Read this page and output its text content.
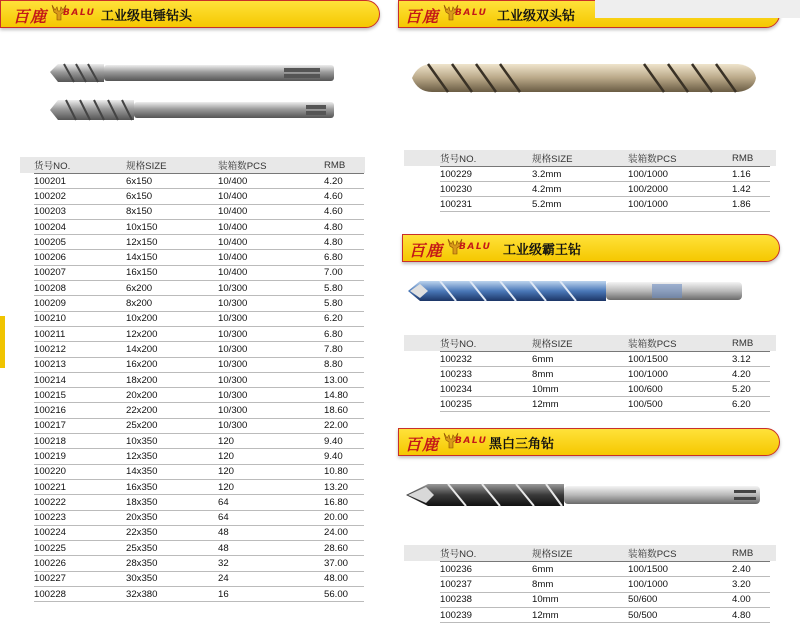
百鹿 BALU 工业级电锤钻头
货号NO.	规格SIZE	装箱数PCS	RMB
100201	6x150	10/400	4.20
100202	6x150	10/400	4.60
100203	8x150	10/400	4.60
100204	10x150	10/400	4.80
100205	12x150	10/400	4.80
100206	14x150	10/400	6.80
100207	16x150	10/400	7.00
100208	6x200	10/300	5.80
100209	8x200	10/300	5.80
100210	10x200	10/300	6.20
100211	12x200	10/300	6.80
100212	14x200	10/300	7.80
100213	16x200	10/300	8.80
100214	18x200	10/300	13.00
100215	20x200	10/300	14.80
100216	22x200	10/300	18.60
100217	25x200	10/300	22.00
100218	10x350	120	9.40
100219	12x350	120	9.40
100220	14x350	120	10.80
100221	16x350	120	13.20
100222	18x350	64	16.80
100223	20x350	64	20.00
100224	22x350	48	24.00
100225	25x350	48	28.60
100226	28x350	32	37.00
100227	30x350	24	48.00
100228	32x380	16	56.00
百鹿 BALU 工业级双头钻
货号NO.	规格SIZE	装箱数PCS	RMB
100229	3.2mm	100/1000	1.16
100230	4.2mm	100/2000	1.42
100231	5.2mm	100/1000	1.86
百鹿 BALU 工业级霸王钻
货号NO.	规格SIZE	装箱数PCS	RMB
100232	6mm	100/1500	3.12
100233	8mm	100/1000	4.20
100234	10mm	100/600	5.20
100235	12mm	100/500	6.20
百鹿 BALU 黑白三角钻
货号NO.	规格SIZE	装箱数PCS	RMB
100236	6mm	100/1500	2.40
100237	8mm	100/1000	3.20
100238	10mm	50/600	4.00
100239	12mm	50/500	4.80
